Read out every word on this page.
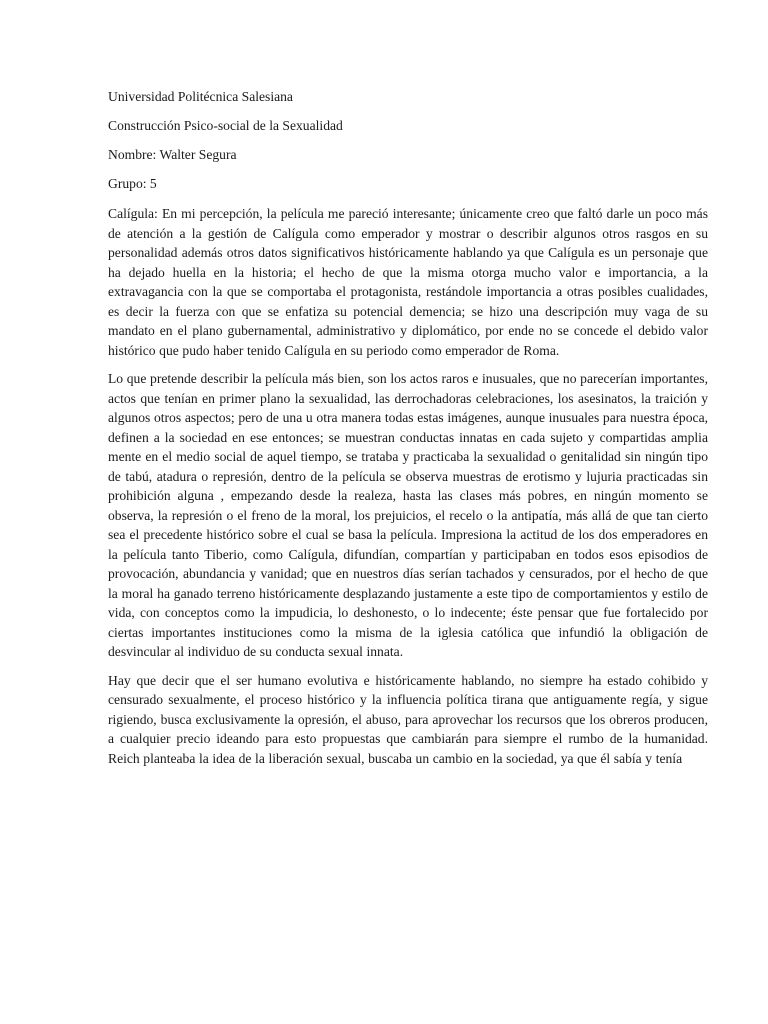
Universidad Politécnica Salesiana
Construcción Psico-social de la Sexualidad
Nombre: Walter Segura
Grupo: 5

Calígula: En mi percepción, la película me pareció interesante; únicamente creo que faltó darle un poco más de atención a la gestión de Calígula como emperador y mostrar o describir algunos otros rasgos en su personalidad además otros datos significativos históricamente hablando ya que Calígula es un personaje que ha dejado huella en la historia; el hecho de que la misma otorga mucho valor e importancia, a la extravagancia con la que se comportaba el protagonista, restándole importancia a otras posibles cualidades, es decir la fuerza con que se enfatiza su potencial demencia; se hizo una descripción muy vaga de su mandato en el plano gubernamental, administrativo y diplomático, por ende no se concede el debido valor histórico que pudo haber tenido Calígula en su periodo como emperador de Roma.

Lo que pretende describir la película más bien, son los actos raros e inusuales, que no parecerían importantes, actos que tenían en primer plano la sexualidad, las derrochadoras celebraciones, los asesinatos, la traición y algunos otros aspectos; pero de una u otra manera todas estas imágenes, aunque inusuales para nuestra época, definen a la sociedad en ese entonces; se muestran conductas innatas en cada sujeto y compartidas amplia mente en el medio social de aquel tiempo, se trataba y practicaba la sexualidad o genitalidad sin ningún tipo de tabú, atadura o represión, dentro de la película se observa muestras de erotismo y lujuria practicadas sin prohibición alguna , empezando desde la realeza, hasta las clases más pobres, en ningún momento se observa, la represión o el freno de la moral, los prejuicios, el recelo o la antipatía, más allá de que tan cierto sea el precedente histórico sobre el cual se basa la película. Impresiona la actitud de los dos emperadores en la película tanto Tiberio, como Calígula, difundían, compartían y participaban en todos esos episodios de provocación, abundancia y vanidad; que en nuestros días serían tachados y censurados, por el hecho de que la moral ha ganado terreno históricamente desplazando justamente a este tipo de comportamientos y estilo de vida, con conceptos como la impudicia, lo deshonesto, o lo indecente; éste pensar que fue fortalecido por ciertas importantes instituciones como la misma de la iglesia católica que infundió la obligación de desvincular al individuo de su conducta sexual innata.

Hay que decir que el ser humano evolutiva e históricamente hablando, no siempre ha estado cohibido y censurado sexualmente, el proceso histórico y la influencia política tirana que antiguamente regía, y sigue rigiendo, busca exclusivamente la opresión, el abuso, para aprovechar los recursos que los obreros producen, a cualquier precio ideando para esto propuestas que cambiarán para siempre el rumbo de la humanidad. Reich planteaba la idea de la liberación sexual, buscaba un cambio en la sociedad, ya que él sabía y tenía
